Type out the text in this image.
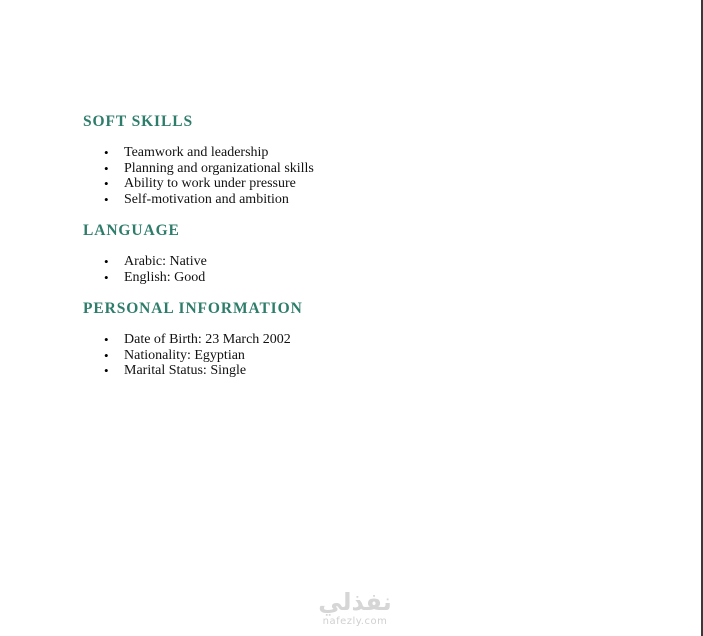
SOFT SKILLS
• Teamwork and leadership
• Planning and organizational skills
• Ability to work under pressure
• Self-motivation and ambition
LANGUAGE
• Arabic: Native
• English: Good
PERSONAL INFORMATION
• Date of Birth: 23 March 2002
• Nationality: Egyptian
• Marital Status: Single
نفذلي
nafezly.com
